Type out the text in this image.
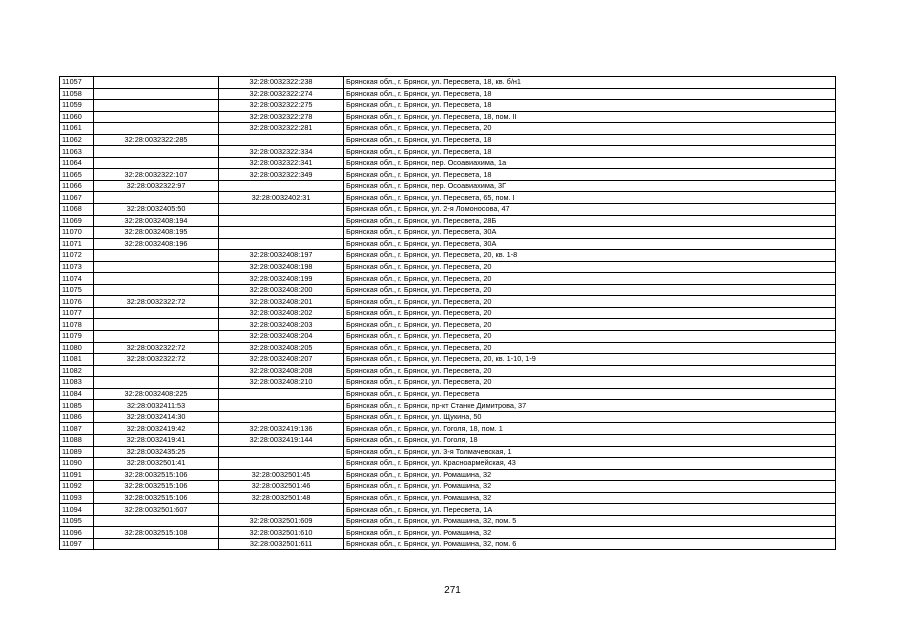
11057		32:28:0032322:238	Брянская обл., г. Брянск, ул. Пересвета, 18, кв. б/н1
11058		32:28:0032322:274	Брянская обл., г. Брянск, ул. Пересвета, 18
11059		32:28:0032322:275	Брянская обл., г. Брянск, ул. Пересвета, 18
11060		32:28:0032322:278	Брянская обл., г. Брянск, ул. Пересвета, 18, пом. II
11061		32:28:0032322:281	Брянская обл., г. Брянск, ул. Пересвета, 20
11062	32:28:0032322:285		Брянская обл., г. Брянск, ул. Пересвета, 18
11063		32:28:0032322:334	Брянская обл., г. Брянск, ул. Пересвета, 18
11064		32:28:0032322:341	Брянская обл., г. Брянск, пер. Осоавиахима, 1а
11065	32:28:0032322:107	32:28:0032322:349	Брянская обл., г. Брянск, ул. Пересвета, 18
11066	32:28:0032322:97		Брянская обл., г. Брянск, пер. Осоавиахима, 3Г
11067		32:28:0032402:31	Брянская обл., г. Брянск, ул. Пересвета, 65, пом. I
11068	32:28:0032405:50		Брянская обл., г. Брянск, ул. 2-я Ломоносова, 47
11069	32:28:0032408:194		Брянская обл., г. Брянск, ул. Пересвета, 28Б
11070	32:28:0032408:195		Брянская обл., г. Брянск, ул. Пересвета, 30А
11071	32:28:0032408:196		Брянская обл., г. Брянск, ул. Пересвета, 30А
11072		32:28:0032408:197	Брянская обл., г. Брянск, ул. Пересвета, 20, кв. 1-8
11073		32:28:0032408:198	Брянская обл., г. Брянск, ул. Пересвета, 20
11074		32:28:0032408:199	Брянская обл., г. Брянск, ул. Пересвета, 20
11075		32:28:0032408:200	Брянская обл., г. Брянск, ул. Пересвета, 20
11076	32:28:0032322:72	32:28:0032408:201	Брянская обл., г. Брянск, ул. Пересвета, 20
11077		32:28:0032408:202	Брянская обл., г. Брянск, ул. Пересвета, 20
11078		32:28:0032408:203	Брянская обл., г. Брянск, ул. Пересвета, 20
11079		32:28:0032408:204	Брянская обл., г. Брянск, ул. Пересвета, 20
11080	32:28:0032322:72	32:28:0032408:205	Брянская обл., г. Брянск, ул. Пересвета, 20
11081	32:28:0032322:72	32:28:0032408:207	Брянская обл., г. Брянск, ул. Пересвета, 20, кв. 1-10, 1-9
11082		32:28:0032408:208	Брянская обл., г. Брянск, ул. Пересвета, 20
11083		32:28:0032408:210	Брянская обл., г. Брянск, ул. Пересвета, 20
11084	32:28:0032408:225		Брянская обл., г. Брянск, ул. Пересвета
11085	32:28:0032411:53		Брянская обл., г. Брянск, пр-кт Станке Димитрова, 37
11086	32:28:0032414:30		Брянская обл., г. Брянск, ул. Щукина, 50
11087	32:28:0032419:42	32:28:0032419:136	Брянская обл., г. Брянск, ул. Гоголя, 18, пом. 1
11088	32:28:0032419:41	32:28:0032419:144	Брянская обл., г. Брянск, ул. Гоголя, 18
11089	32:28:0032435:25		Брянская обл., г. Брянск, ул. 3-я Толмачевская, 1
11090	32:28:0032501:41		Брянская обл., г. Брянск, ул. Красноармейская, 43
11091	32:28:0032515:106	32:28:0032501:45	Брянская обл., г. Брянск, ул. Ромашина, 32
11092	32:28:0032515:106	32:28:0032501:46	Брянская обл., г. Брянск, ул. Ромашина, 32
11093	32:28:0032515:106	32:28:0032501:48	Брянская обл., г. Брянск, ул. Ромашина, 32
11094	32:28:0032501:607		Брянская обл., г. Брянск, ул. Пересвета, 1А
11095		32:28:0032501:609	Брянская обл., г. Брянск, ул. Ромашина, 32, пом. 5
11096	32:28:0032515:108	32:28:0032501:610	Брянская обл., г. Брянск, ул. Ромашина, 32
11097		32:28:0032501:611	Брянская обл., г. Брянск, ул. Ромашина, 32, пом. 6
271
